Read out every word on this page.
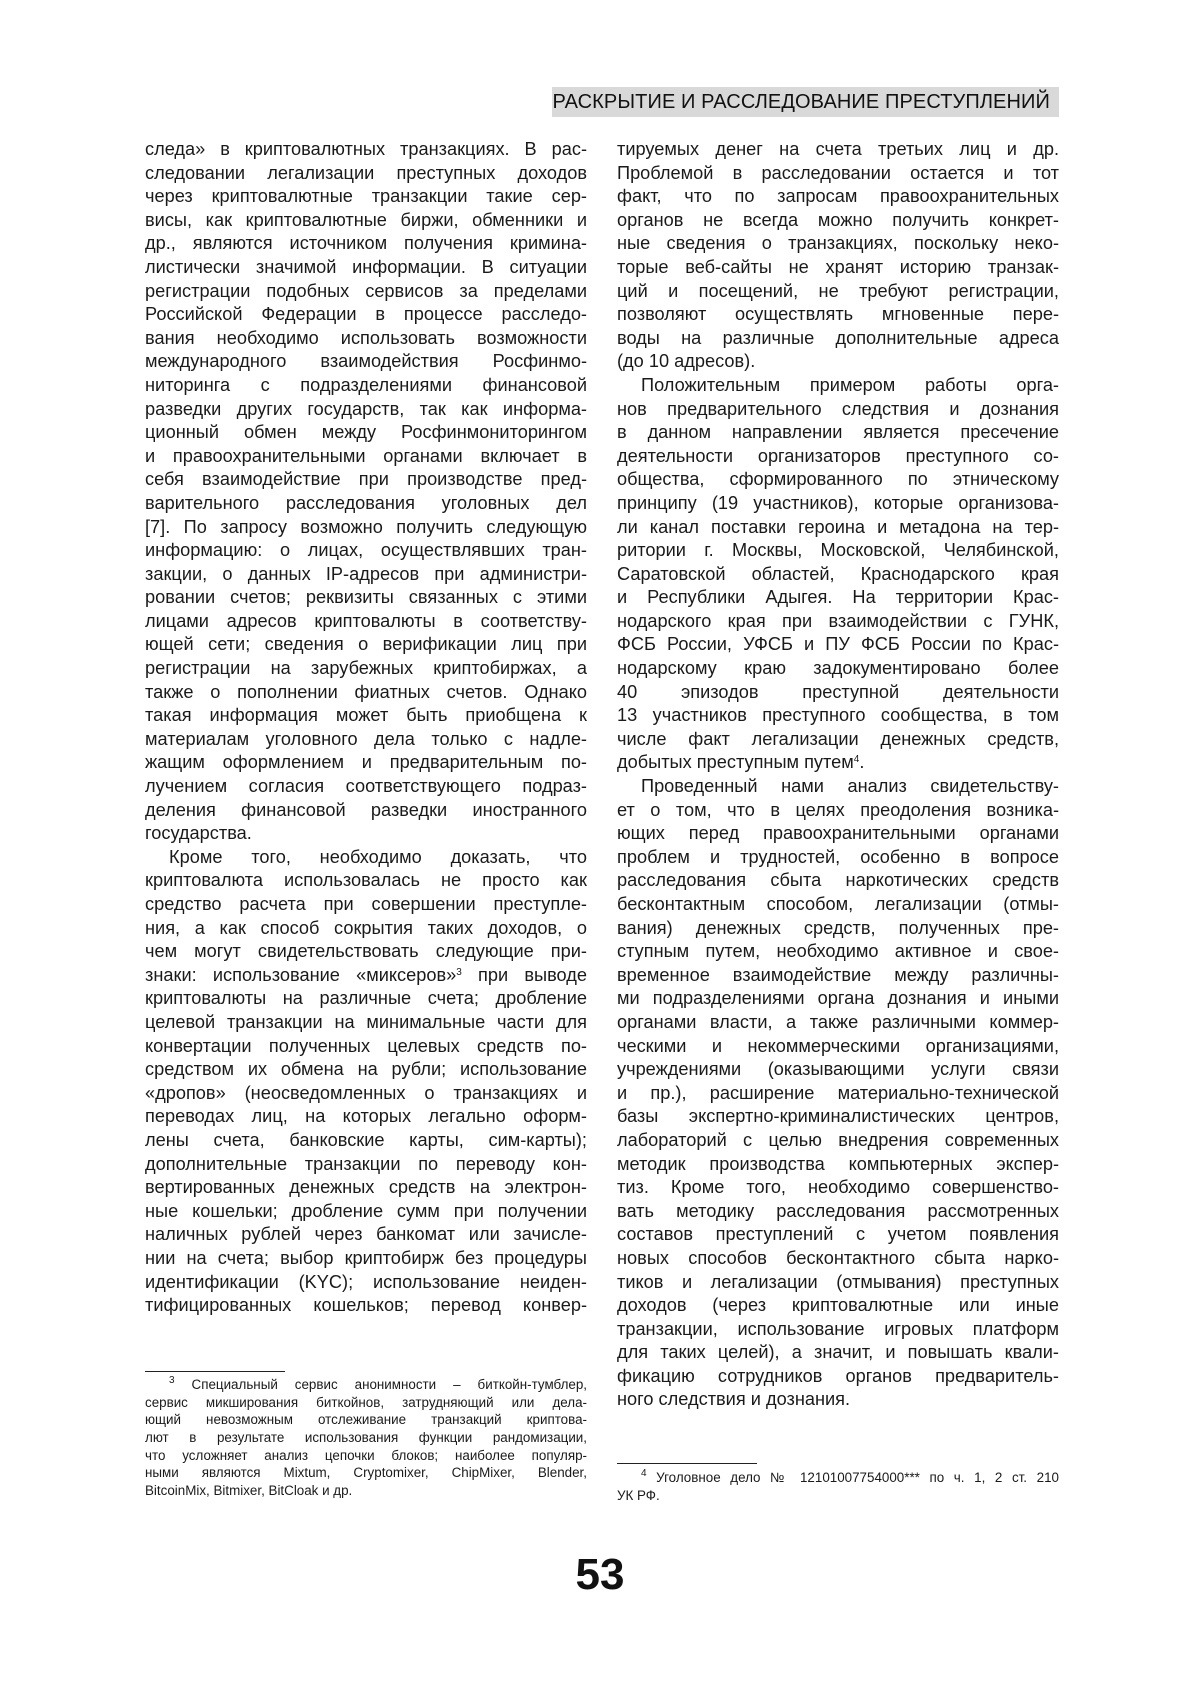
РАСКРЫТИЕ И РАССЛЕДОВАНИЕ ПРЕСТУПЛЕНИЙ
следа» в криптовалютных транзакциях. В рас-
следовании легализации преступных доходов
через криптовалютные транзакции такие сер-
висы, как криптовалютные биржи, обменники и
др., являются источником получения кримина-
листически значимой информации. В ситуации
регистрации подобных сервисов за пределами
Российской Федерации в процессе расследо-
вания необходимо использовать возможности
международного взаимодействия Росфинмо-
ниторинга с подразделениями финансовой
разведки других государств, так как информа-
ционный обмен между Росфинмониторингом
и правоохранительными органами включает в
себя взаимодействие при производстве пред-
варительного расследования уголовных дел
[7]. По запросу возможно получить следующую
информацию: о лицах, осуществлявших тран-
закции, о данных IP-адресов при администри-
ровании счетов; реквизиты связанных с этими
лицами адресов криптовалюты в соответству-
ющей сети; сведения о верификации лиц при
регистрации на зарубежных криптобиржах, а
также о пополнении фиатных счетов. Однако
такая информация может быть приобщена к
материалам уголовного дела только с надле-
жащим оформлением и предварительным по-
лучением согласия соответствующего подраз-
деления финансовой разведки иностранного
государства.
Кроме того, необходимо доказать, что
криптовалюта использовалась не просто как
средство расчета при совершении преступле-
ния, а как способ сокрытия таких доходов, о
чем могут свидетельствовать следующие при-
знаки: использование «миксеров»$^3$ при выводе
криптовалюты на различные счета; дробление
целевой транзакции на минимальные части для
конвертации полученных целевых средств по-
средством их обмена на рубли; использование
«дропов» (неосведомленных о транзакциях и
переводах лиц, на которых легально оформ-
лены счета, банковские карты, сим-карты);
дополнительные транзакции по переводу кон-
вертированных денежных средств на электрон-
ные кошельки; дробление сумм при получении
наличных рублей через банкомат или зачисле-
нии на счета; выбор криптобирж без процедуры
идентификации (KYC); использование неиден-
тифицированных кошельков; перевод конвер-
тируемых денег на счета третьих лиц и др.
Проблемой в расследовании остается и тот
факт, что по запросам правоохранительных
органов не всегда можно получить конкрет-
ные сведения о транзакциях, поскольку неко-
торые веб-сайты не хранят историю транзак-
ций и посещений, не требуют регистрации,
позволяют осуществлять мгновенные пере-
воды на различные дополнительные адреса
(до 10 адресов).
Положительным примером работы орга-
нов предварительного следствия и дознания
в данном направлении является пресечение
деятельности организаторов преступного со-
общества, сформированного по этническому
принципу (19 участников), которые организова-
ли канал поставки героина и метадона на тер-
ритории г. Москвы, Московской, Челябинской,
Саратовской областей, Краснодарского края
и Республики Адыгея. На территории Крас-
нодарского края при взаимодействии с ГУНК,
ФСБ России, УФСБ и ПУ ФСБ России по Крас-
нодарскому краю задокументировано более
40 эпизодов преступной деятельности
13 участников преступного сообщества, в том
числе факт легализации денежных средств,
добытых преступным путем$^4$.
Проведенный нами анализ свидетельству-
ет о том, что в целях преодоления возника-
ющих перед правоохранительными органами
проблем и трудностей, особенно в вопросе
расследования сбыта наркотических средств
бесконтактным способом, легализации (отмы-
вания) денежных средств, полученных пре-
ступным путем, необходимо активное и свое-
временное взаимодействие между различны-
ми подразделениями органа дознания и иными
органами власти, а также различными коммер-
ческими и некоммерческими организациями,
учреждениями (оказывающими услуги связи
и пр.), расширение материально-технической
базы экспертно-криминалистических центров,
лабораторий с целью внедрения современных
методик производства компьютерных экспер-
тиз. Кроме того, необходимо совершенство-
вать методику расследования рассмотренных
составов преступлений с учетом появления
новых способов бесконтактного сбыта нарко-
тиков и легализации (отмывания) преступных
доходов (через криптовалютные или иные
транзакции, использование игровых платформ
для таких целей), а значит, и повышать квали-
фикацию сотрудников органов предваритель-
ного следствия и дознания.
$^3$ Специальный сервис анонимности – биткойн-тумблер,
сервис микширования биткойнов, затрудняющий или дела-
ющий невозможным отслеживание транзакций криптова-
лют в результате использования функции рандомизации,
что усложняет анализ цепочки блоков; наиболее популяр-
ными являются Mixtum, Cryptomixer, ChipMixer, Blender,
BitcoinMix, Bitmixer, BitCloak и др.
$^4$ Уголовное дело № 12101007754000*** по ч. 1, 2 ст. 210
УК РФ.
53
